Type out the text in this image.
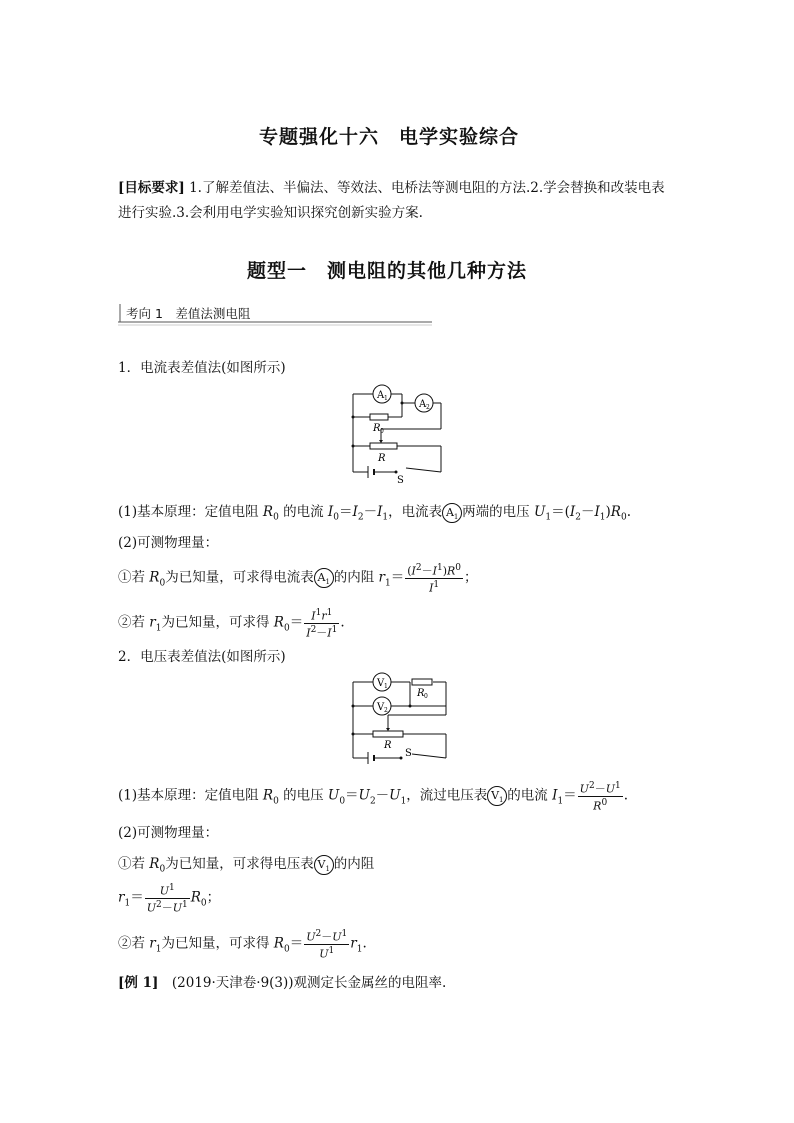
专题强化十六　电学实验综合
[目标要求] 1.了解差值法、半偏法、等效法、电桥法等测电阻的方法.2.学会替换和改装电表
进行实验.3.会利用电学实验知识探究创新实验方案.
题型一　测电阻的其他几种方法
考向 1　差值法测电阻
1．电流表差值法(如图所示)
A 1
A 2
R 0
R
S
(1)基本原理：定值电阻 $R_0$ 的电流 $I_0=I_2-I_1$，电流表 $A_1$ 两端的电压 $U_1=(I_2-I_1)R_0$.
(2)可测物理量：
①若 $R_0$为已知量，可求得电流表 $A_1$ 的内阻 $r_1= \frac{(I^2-I^1)R^0}{I^1}$ ；
②若 $r_1$为已知量，可求得 $R_0= \frac{I^1r^1}{I^2-I^1}$ .
2．电压表差值法(如图所示)
V 1
R 0
V 2
R
S
(1)基本原理：定值电阻 $R_0$ 的电压 $U_0=U_2-U_1$，流过电压表 $V_1$ 的电流 $I_1= \frac{U^2-U^1}{R^0}$ .
(2)可测物理量：
①若 $R_0$为已知量，可求得电压表 $V_1$ 的内阻
$r_1= \frac{U^1}{U^2-U^1} R_0$；
②若 $r_1$为已知量，可求得 $R_0= \frac{U^2-U^1}{U^1} r_1$.
[例 1]　 (2019·天津卷·9(3))观测定长金属丝的电阻率.
